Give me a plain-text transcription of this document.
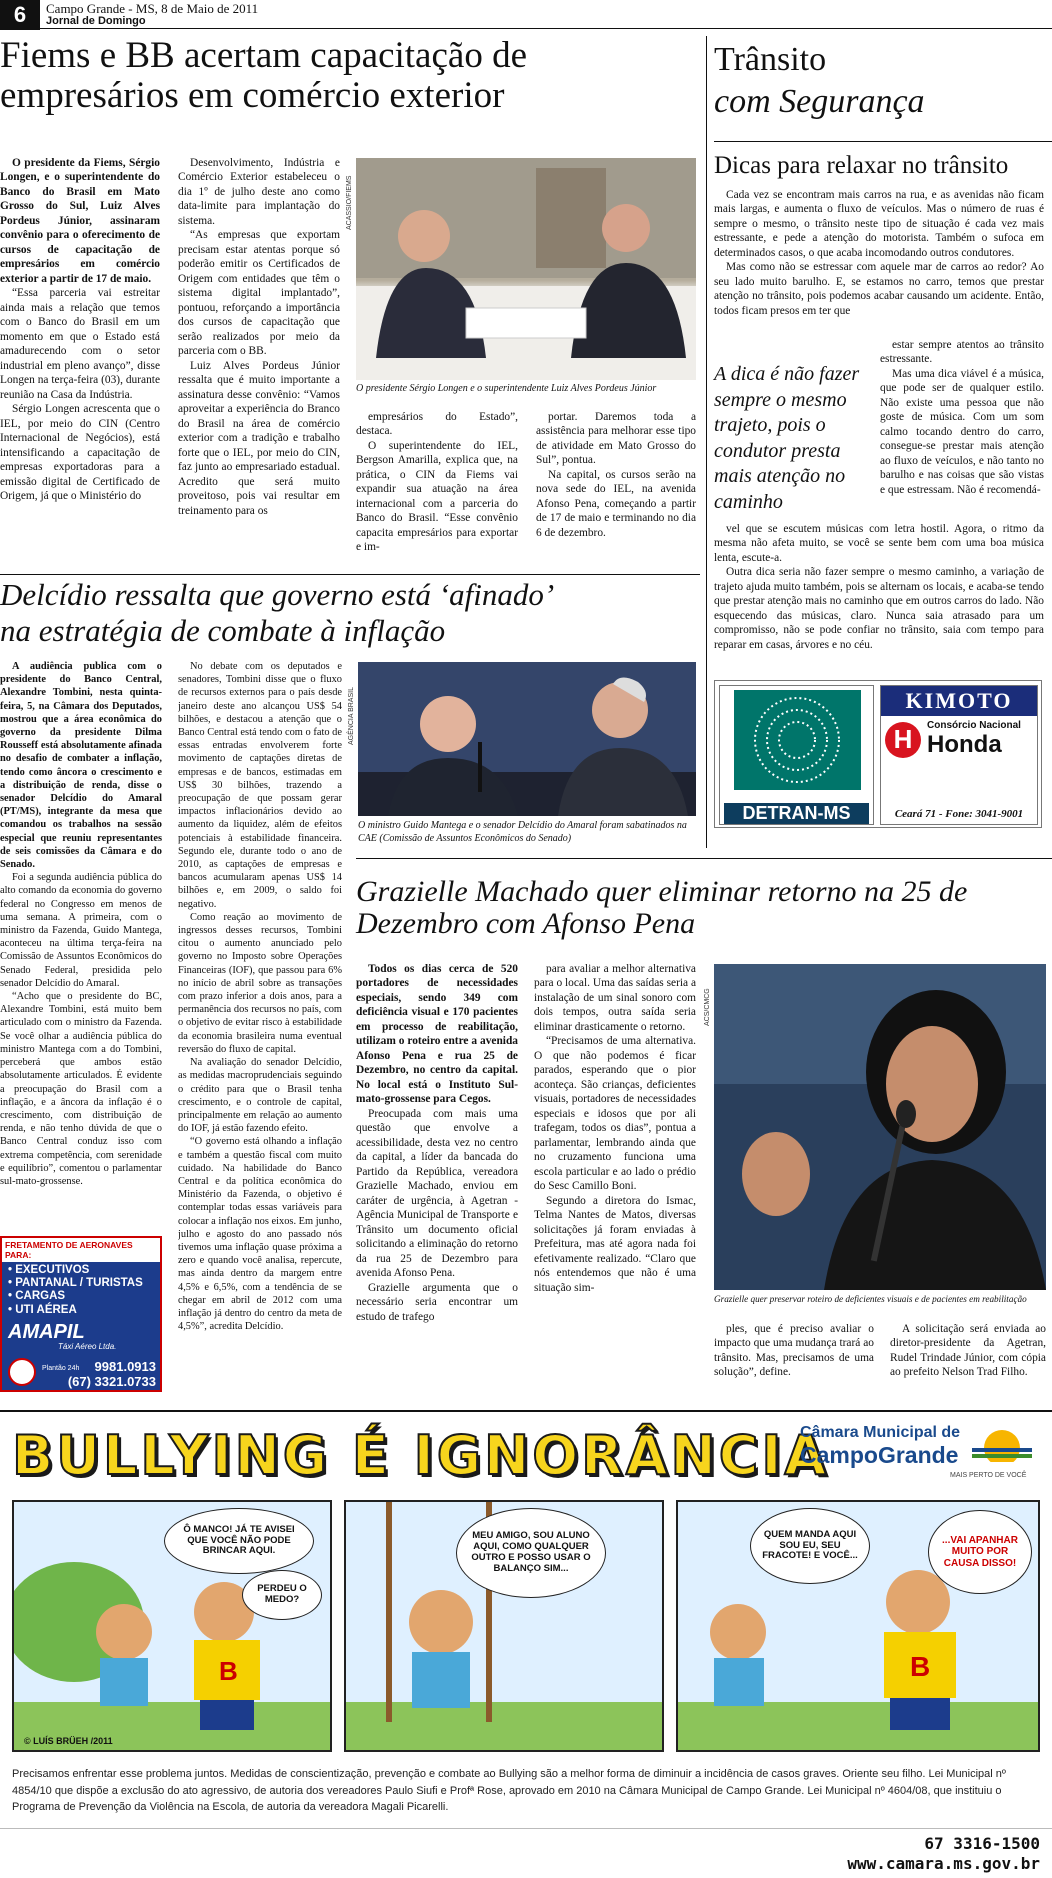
6	Campo Grande - MS, 8 de Maio de 2011
Jornal de Domingo
Fiems e BB acertam capacitação de empresários em comércio exterior

O presidente da Fiems, Sérgio Longen, e o superintendente do Banco do Brasil em Mato Grosso do Sul, Luiz Alves Pordeus Júnior, assinaram convênio para o oferecimento de cursos de capacitação de empresários em comércio exterior a partir de 17 de maio.

“Essa parceria vai estreitar ainda mais a relação que temos com o Banco do Brasil em um momento em que o Estado está amadurecendo com o setor industrial em pleno avanço”, disse Longen na terça-feira (03), durante reunião na Casa da Indústria.

Sérgio Longen acrescenta que o IEL, por meio do CIN (Centro Internacional de Negócios), está intensificando a capacitação de empresas exportadoras para a emissão digital de Certificado de Origem, já que o Ministério do

Desenvolvimento, Indústria e Comércio Exterior estabeleceu o dia 1º de julho deste ano como data-limite para implantação do sistema.

“As empresas que exportam precisam estar atentas porque só poderão emitir os Certificados de Origem com entidades que têm o sistema digital implantado”, pontuou, reforçando a importância dos cursos de capacitação que serão realizados por meio da parceria com o BB.

Luiz Alves Pordeus Júnior ressalta que é muito importante a assinatura desse convênio: “Vamos aproveitar a experiência do Branco do Brasil na área de comércio exterior com a tradição e trabalho forte que o IEL, por meio do CIN, faz junto ao empresariado estadual. Acredito que será muito proveitoso, pois vai resultar em treinamento para os

ACASSIO/FIEMS
O presidente Sérgio Longen e o superintendente Luiz Alves Pordeus Júnior

empresários do Estado”, destaca.

O superintendente do IEL, Bergson Amarilla, explica que, na prática, o CIN da Fiems vai expandir sua atuação na área internacional com a parceria do Banco do Brasil. “Esse convênio capacita empresários para exportar e im-

portar. Daremos toda a assistência para melhorar esse tipo de atividade em Mato Grosso do Sul”, pontua.

Na capital, os cursos serão na nova sede do IEL, na avenida Afonso Pena, começando a partir de 17 de maio e terminando no dia 6 de dezembro.

Trânsito
com Segurança
Dicas para relaxar no trânsito

Cada vez se encontram mais carros na rua, e as avenidas não ficam mais largas, e aumenta o fluxo de veículos. Mas o número de ruas é sempre o mesmo, o trânsito neste tipo de situação é cada vez mais estressante, e pede a atenção do motorista. Também o sufoca em determinados casos, o que acaba incomodando outros condutores.

Mas como não se estressar com aquele mar de carros ao redor? Ao seu lado muito barulho. E, se estamos no carro, temos que prestar atenção no trânsito, pois podemos acabar causando um acidente. Então, todos ficam presos em ter que

A dica é não fazer sempre o mesmo trajeto, pois o condutor presta mais atenção no caminho

estar sempre atentos ao trânsito estressante.

Mas uma dica viável é a música, que pode ser de qualquer estilo. Não existe uma pessoa que não goste de música. Com um som calmo tocando dentro do carro, consegue-se prestar mais atenção ao fluxo de veículos, e não tanto no barulho e nas coisas que são vistas e que estressam. Não é recomendá-

vel que se escutem músicas com letra hostil. Agora, o ritmo da mesma não afeta muito, se você se sente bem com uma boa música lenta, escute-a.

Outra dica seria não fazer sempre o mesmo caminho, a variação de trajeto ajuda muito também, pois se alternam os locais, e acaba-se tendo que prestar atenção mais no caminho que em outros carros do lado. Não esquecendo das músicas, claro. Nunca saia atrasado para um compromisso, não se pode confiar no trânsito, saia com tempo para reparar em casas, árvores e no céu.

DETRAN-MS
KIMOTO
H	Consórcio Nacional
Honda
Ceará 71 - Fone: 3041-9001
Delcídio ressalta que governo está ‘afinado’
na estratégia de combate à inflação

A audiência publica com o presidente do Banco Central, Alexandre Tombini, nesta quinta-feira, 5, na Câmara dos Deputados, mostrou que a área econômica do governo da presidente Dilma Rousseff está absolutamente afinada no desafio de combater a inflação, tendo como âncora o crescimento e a distribuição de renda, disse o senador Delcídio do Amaral (PT/MS), integrante da mesa que comandou os trabalhos na sessão especial que reuniu representantes de seis comissões da Câmara e do Senado.

Foi a segunda audiência pública do alto comando da economia do governo federal no Congresso em menos de uma semana. A primeira, com o ministro da Fazenda, Guido Mantega, aconteceu na última terça-feira na Comissão de Assuntos Econômicos do Senado Federal, presidida pelo senador Delcídio do Amaral.

“Acho que o presidente do BC, Alexandre Tombini, está muito bem articulado com o ministro da Fazenda. Se você olhar a audiência pública do ministro Mantega com a do Tombini, perceberá que ambos estão absolutamente articulados. É evidente a preocupação do Brasil com a inflação, e a âncora da inflação é o crescimento, com distribuição de renda, e não tenho dúvida de que o Banco Central conduz isso com extrema competência, com serenidade e equilíbrio”, comentou o parlamentar sul-mato-grossense.

No debate com os deputados e senadores, Tombini disse que o fluxo de recursos externos para o país desde janeiro deste ano alcançou US$ 54 bilhões, e destacou a atenção que o Banco Central está tendo com o fato de essas entradas envolverem forte movimento de captações diretas de empresas e de bancos, estimadas em US$ 30 bilhões, trazendo a preocupação de que possam gerar impactos inflacionários devido ao aumento da liquidez, além de efeitos potenciais à estabilidade financeira. Segundo ele, durante todo o ano de 2010, as captações de empresas e bancos acumularam apenas US$ 14 bilhões e, em 2009, o saldo foi negativo.

Como reação ao movimento de ingressos desses recursos, Tombini citou o aumento anunciado pelo governo no Imposto sobre Operações Financeiras (IOF), que passou para 6% no início de abril sobre as transações com prazo inferior a dois anos, para a permanência dos recursos no país, com o objetivo de evitar risco à estabilidade da economia brasileira numa eventual reversão do fluxo de capital.

Na avaliação do senador Delcídio, as medidas macroprudenciais seguindo o crédito para que o Brasil tenha crescimento, e o controle de capital, principalmente em relação ao aumento do IOF, já estão fazendo efeito.

“O governo está olhando a inflação e também a questão fiscal com muito cuidado. Na habilidade do Banco Central e da política econômica do Ministério da Fazenda, o objetivo é contemplar todas essas variáveis para colocar a inflação nos eixos. Em junho, julho e agosto do ano passado nós tivemos uma inflação quase próxima a zero e quando você analisa, repercute, mas ainda dentro da margem entre 4,5% e 6,5%, com a tendência de se chegar em abril de 2012 com uma inflação já dentro do centro da meta de 4,5%”, acredita Delcídio.

AGÊNCIA BRASIL
O ministro Guido Mantega e o senador Delcídio do Amaral foram sabatinados na CAE (Comissão de Assuntos Econômicos do Senado)
FRETAMENTO DE AERONAVES PARA:
• EXECUTIVOS
• PANTANAL / TURISTAS
• CARGAS
• UTI AÉREA
AMAPIL
Táxi Aéreo Ltda.
Plantão 24h 9981.0913
(67) 3321.0733
Grazielle Machado quer eliminar retorno na 25 de Dezembro com Afonso Pena

Todos os dias cerca de 520 portadores de necessidades especiais, sendo 349 com deficiência visual e 170 pacientes em processo de reabilitação, utilizam o roteiro entre a avenida Afonso Pena e rua 25 de Dezembro, no centro da capital. No local está o Instituto Sul-mato-grossense para Cegos.

Preocupada com mais uma questão que envolve a acessibilidade, desta vez no centro da capital, a líder da bancada do Partido da República, vereadora Grazielle Machado, enviou em caráter de urgência, à Agetran - Agência Municipal de Transporte e Trânsito um documento oficial solicitando a eliminação do retorno da rua 25 de Dezembro para avenida Afonso Pena.

Grazielle argumenta que o necessário seria encontrar um estudo de trafego

para avaliar a melhor alternativa para o local. Uma das saídas seria a instalação de um sinal sonoro com dois tempos, outra saída seria eliminar drasticamente o retorno.

“Precisamos de uma alternativa. O que não podemos é ficar parados, esperando que o pior aconteça. São crianças, deficientes visuais, portadores de necessidades especiais e idosos que por ali trafegam, todos os dias”, pontua a parlamentar, lembrando ainda que no cruzamento funciona uma escola particular e ao lado o prédio do Sesc Camillo Boni.

Segundo a diretora do Ismac, Telma Nantes de Matos, diversas solicitações já foram enviadas à Prefeitura, mas até agora nada foi efetivamente realizado. “Claro que nós entendemos que não é uma situação sim-

ACS/CMCG
Grazielle quer preservar roteiro de deficientes visuais e de pacientes em reabilitação

ples, que é preciso avaliar o impacto que uma mudança trará ao trânsito. Mas, precisamos de uma solução”, define.

A solicitação será enviada ao diretor-presidente da Agetran, Rudel Trindade Júnior, com cópia ao prefeito Nelson Trad Filho.

BULLYING É IGNORÂNCIA
Câmara Municipal de
CampoGrande
MAIS PERTO DE VOCÊ
B
Ô MANCO! JÁ TE AVISEI QUE VOCÊ NÃO PODE BRINCAR AQUI.
PERDEU O MEDO?
© LUÍS BRÜEH /2011
MEU AMIGO, SOU ALUNO AQUI, COMO QUALQUER OUTRO E POSSO USAR O BALANÇO SIM...
B
QUEM MANDA AQUI SOU EU, SEU FRACOTE! E VOCÊ...
...VAI APANHAR MUITO POR CAUSA DISSO!
Precisamos enfrentar esse problema juntos. Medidas de conscientização, prevenção e combate ao Bullying são a melhor forma de diminuir a incidência de casos graves. Oriente seu filho. Lei Municipal nº 4854/10 que dispõe a exclusão do ato agressivo, de autoria dos vereadores Paulo Siufi e Profª Rose, aprovado em 2010 na Câmara Municipal de Campo Grande. Lei Municipal nº 4604/08, que instituiu o Programa de Prevenção da Violência na Escola, de autoria da vereadora Magali Picarelli.
67 3316-1500
www.camara.ms.gov.br
